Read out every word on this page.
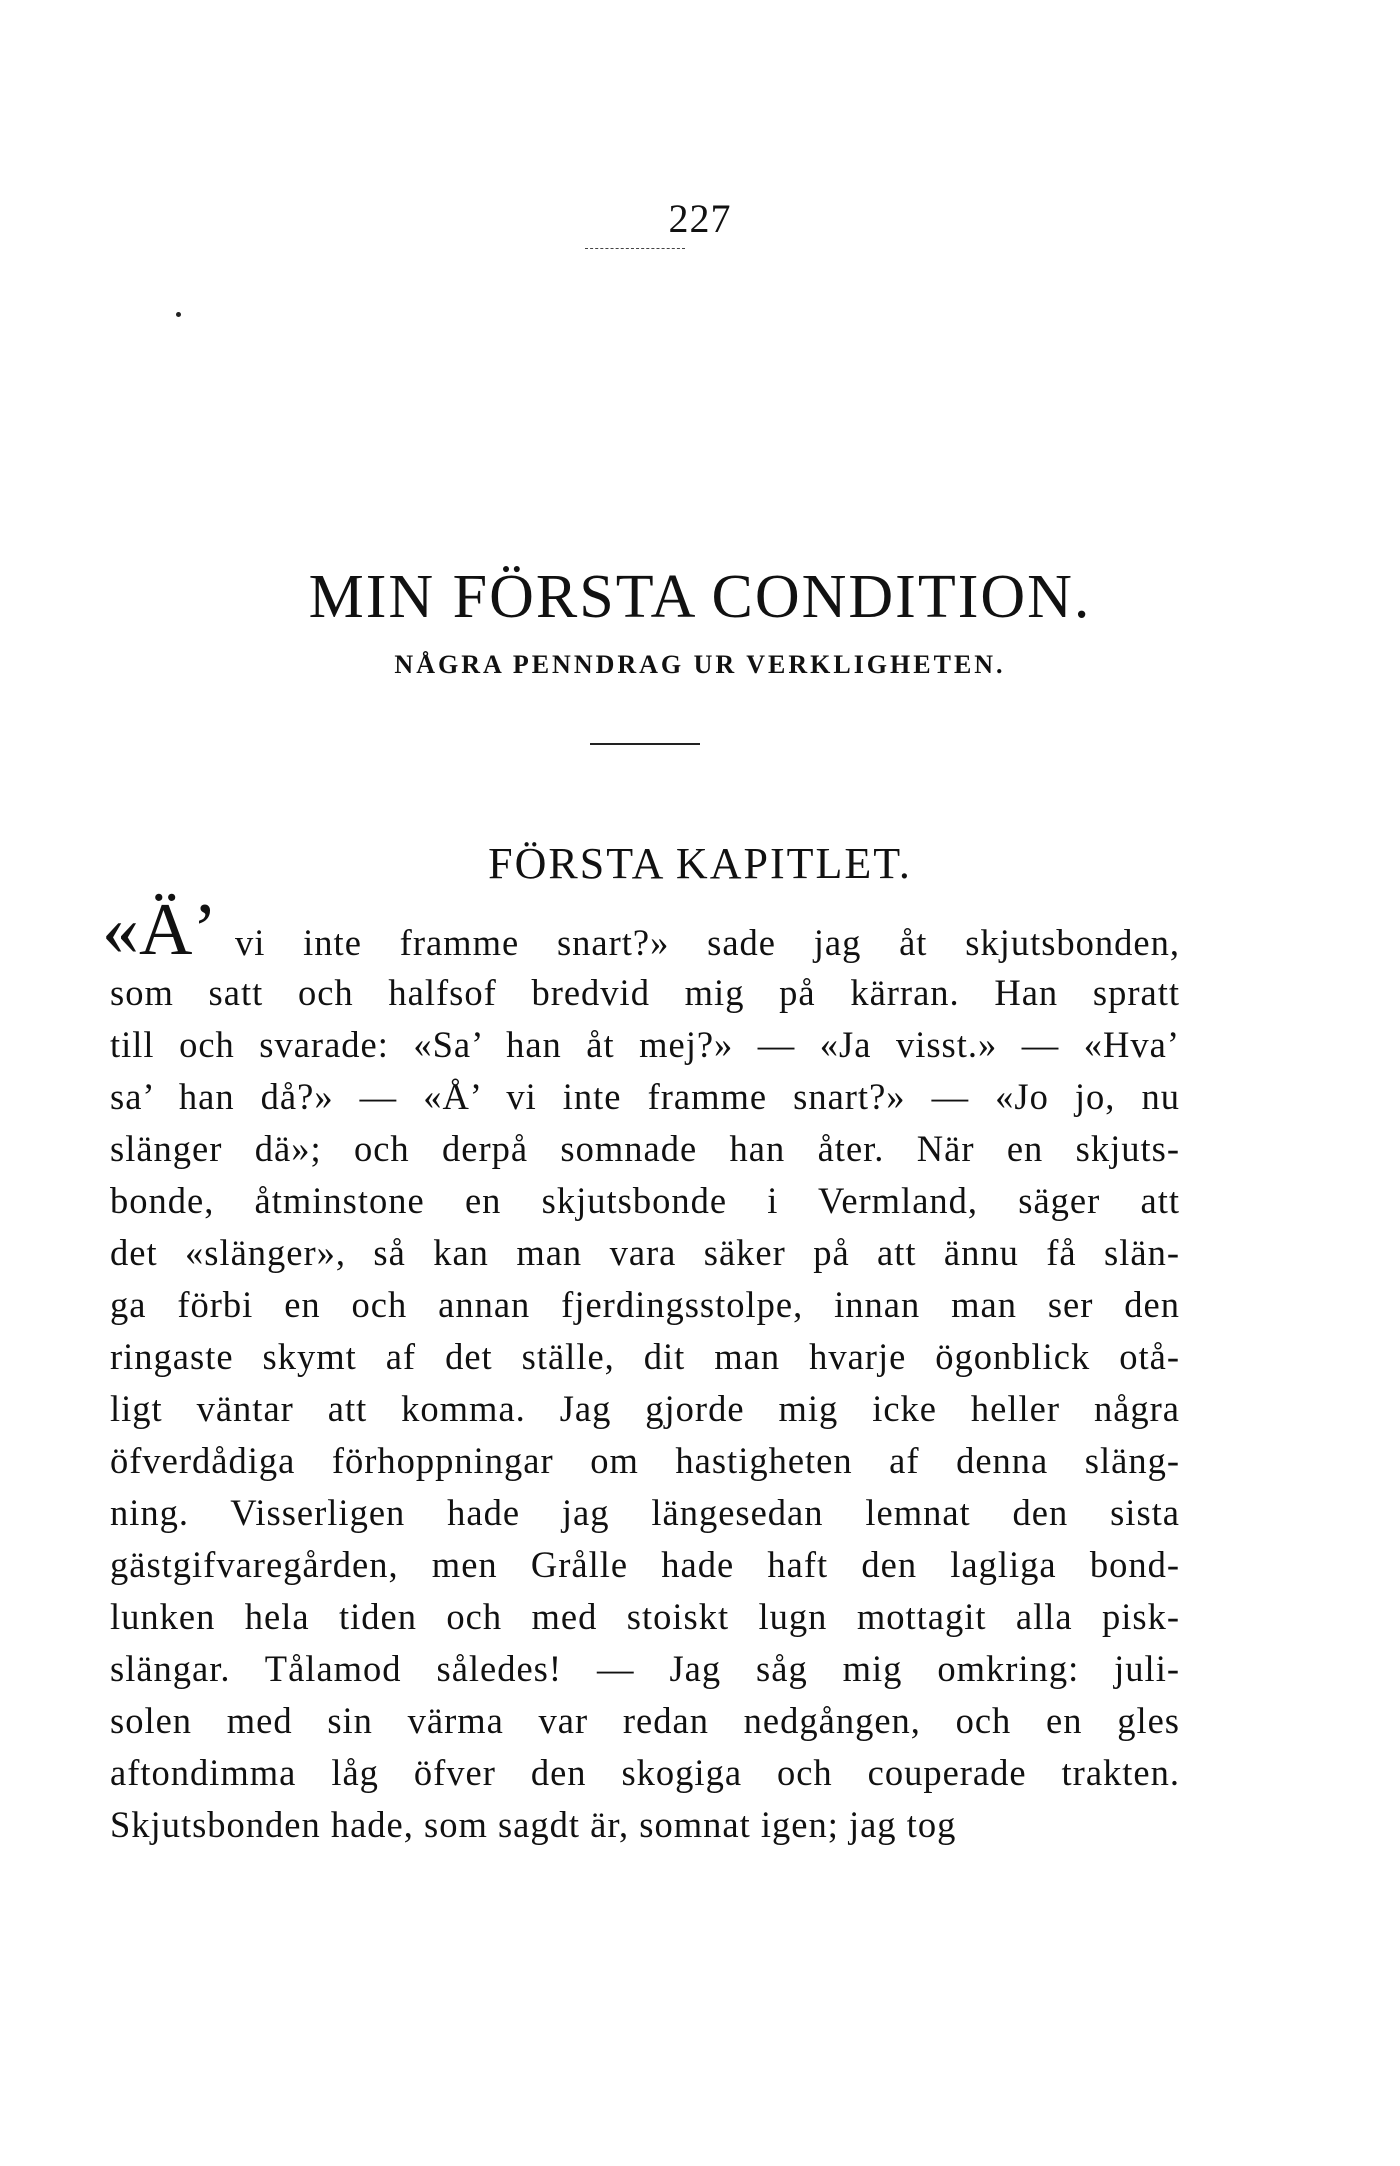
227
MIN FÖRSTA CONDITION.
NÅGRA PENNDRAG UR VERKLIGHETEN.
FÖRSTA KAPITLET.
«Ä’ vi inte framme snart?» sade jag åt skjutsbonden,
som satt och halfsof bredvid mig på kärran. Han spratt
till och svarade: «Sa’ han åt mej?» — «Ja visst.» — «Hva’
sa’ han då?» — «Å’ vi inte framme snart?» — «Jo jo, nu
slänger dä»; och derpå somnade han åter. När en skjuts-
bonde, åtminstone en skjutsbonde i Vermland, säger att
det «slänger», så kan man vara säker på att ännu få slän-
ga förbi en och annan fjerdingsstolpe, innan man ser den
ringaste skymt af det ställe, dit man hvarje ögonblick otå-
ligt väntar att komma. Jag gjorde mig icke heller några
öfverdådiga förhoppningar om hastigheten af denna släng-
ning. Visserligen hade jag längesedan lemnat den sista
gästgifvaregården, men Grålle hade haft den lagliga bond-
lunken hela tiden och med stoiskt lugn mottagit alla pisk-
slängar. Tålamod således! — Jag såg mig omkring: juli-
solen med sin värma var redan nedgången, och en gles
aftondimma låg öfver den skogiga och couperade trakten.
Skjutsbonden hade, som sagdt är, somnat igen; jag tog
